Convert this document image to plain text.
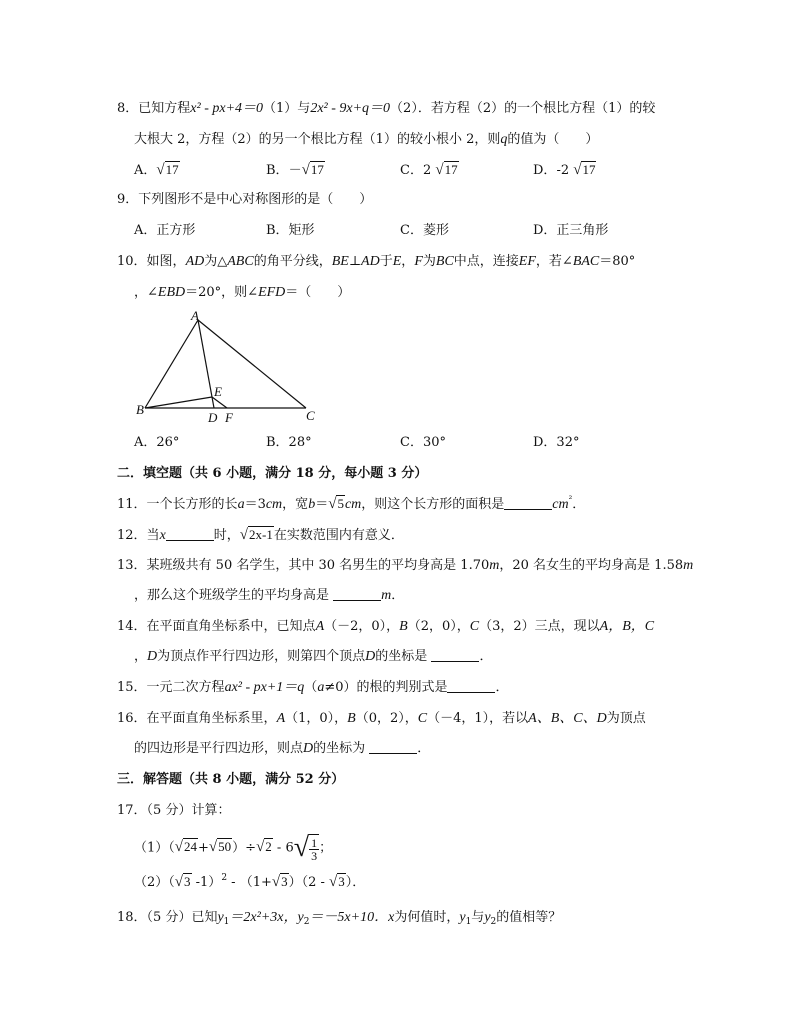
8．已知方程x² - px+4＝0（1）与2x² - 9x+q＝0（2）．若方程（2）的一个根比方程（1）的较
大根大 2，方程（2）的另一个根比方程（1）的较小根小 2，则q的值为（　　）
A．√17	B．－√17	C．2 √17	D．-2 √17
9．下列图形不是中心对称图形的是（　　）
A．正方形	B．矩形	C．菱形	D．正三角形
10．如图，AD为△ABC的角平分线，BE⊥AD于E，F为BC中点，连接EF，若∠BAC＝80°
，∠EBD＝20°，则∠EFD＝（　　）
A
B	C
D
E
F
A．26°	B．28°	C．30°	D．32°
二．填空题（共 6 小题，满分 18 分，每小题 3 分）
11．一个长方形的长a＝3cm，宽b＝√5cm，则这个长方形的面积是	$cm^{^2}$．
12．当x	时，√2x-1在实数范围内有意义．
13．某班级共有 50 名学生，其中 30 名男生的平均身高是 1.70m，20 名女生的平均身高是 1.58m
，那么这个班级学生的平均身高是	m．
14．在平面直角坐标系中，已知点A（－2，0），B（2，0），C（3，2）三点，现以A，B，C
，D为顶点作平行四边形，则第四个顶点D的坐标是	．
15．一元二次方程ax² - px+1＝q（a≠0）的根的判别式是	．
16．在平面直角坐标系里，A（1，0），B（0，2），C（－4，1），若以A、B、C、D为顶点
的四边形是平行四边形，则点D的坐标为	．
三．解答题（共 8 小题，满分 52 分）
17．（5 分）计算：
$(1)(√24+√50)\div√2 - 6√ \frac{1}{3}$ ；
（2）（√3 -1）$^2$ - （1+√3）（2 - √3）．
18．（5 分）已知$y_1=2x^2+3x$，$y_2=-5x+10$．x为何值时，$y_1$与$y_2$的值相等？
